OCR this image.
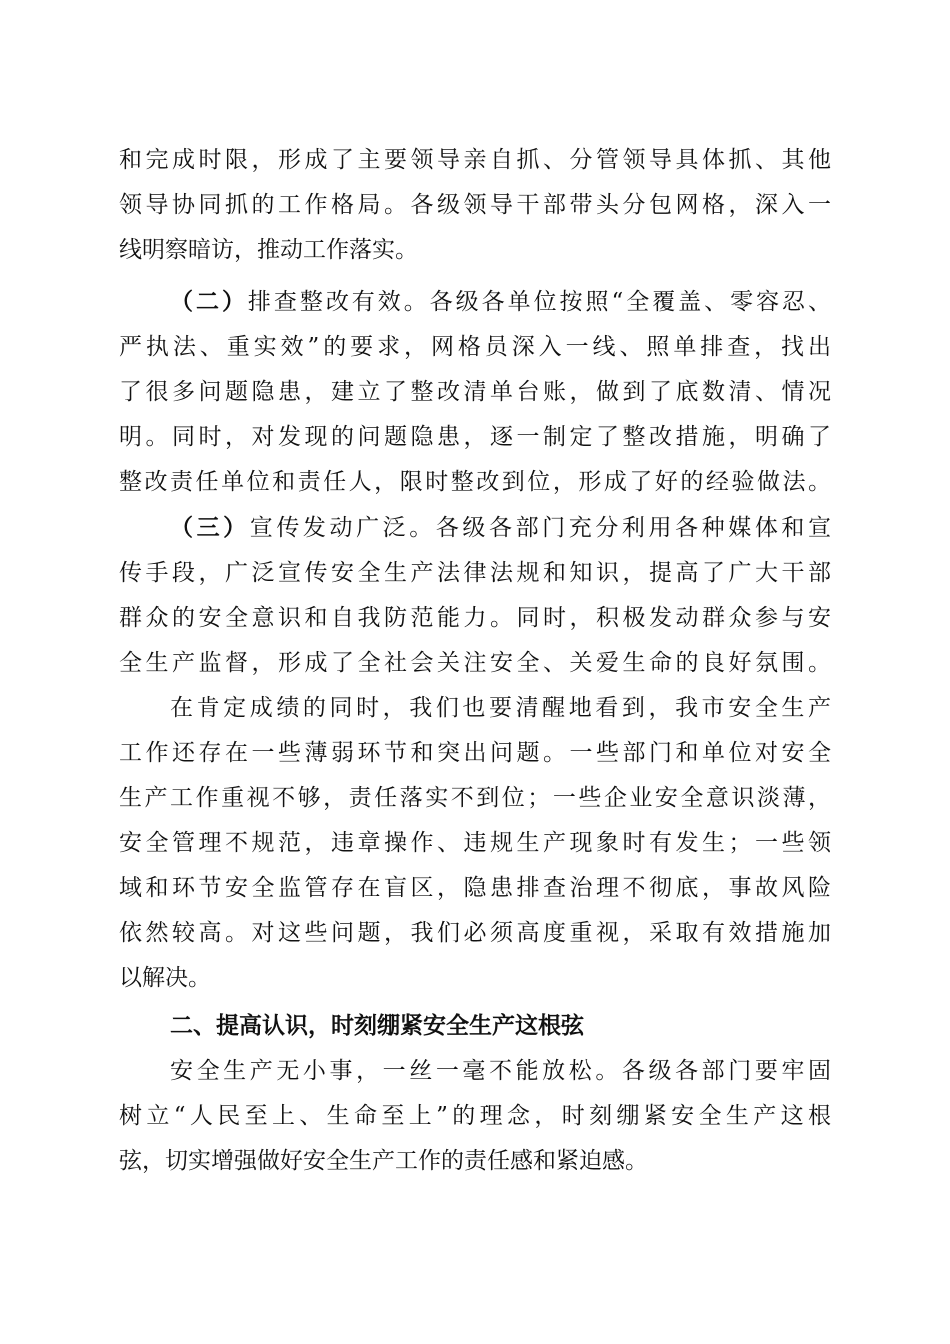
和完成时限，形成了主要领导亲自抓、分管领导具体抓、其他
领导协同抓的工作格局。各级领导干部带头分包网格，深入一
线明察暗访，推动工作落实。
（二）排查整改有效。各级各单位按照“全覆盖、零容忍、
严执法、重实效”的要求，网格员深入一线、照单排查，找出
了很多问题隐患，建立了整改清单台账，做到了底数清、情况
明。同时，对发现的问题隐患，逐一制定了整改措施，明确了
整改责任单位和责任人，限时整改到位，形成了好的经验做法。
（三）宣传发动广泛。各级各部门充分利用各种媒体和宣
传手段，广泛宣传安全生产法律法规和知识，提高了广大干部
群众的安全意识和自我防范能力。同时，积极发动群众参与安
全生产监督，形成了全社会关注安全、关爱生命的良好氛围。
在肯定成绩的同时，我们也要清醒地看到，我市安全生产
工作还存在一些薄弱环节和突出问题。一些部门和单位对安全
生产工作重视不够，责任落实不到位；一些企业安全意识淡薄，
安全管理不规范，违章操作、违规生产现象时有发生；一些领
域和环节安全监管存在盲区，隐患排查治理不彻底，事故风险
依然较高。对这些问题，我们必须高度重视，采取有效措施加
以解决。
二、提高认识，时刻绷紧安全生产这根弦
安全生产无小事，一丝一毫不能放松。各级各部门要牢固
树立“人民至上、生命至上”的理念，时刻绷紧安全生产这根
弦，切实增强做好安全生产工作的责任感和紧迫感。
